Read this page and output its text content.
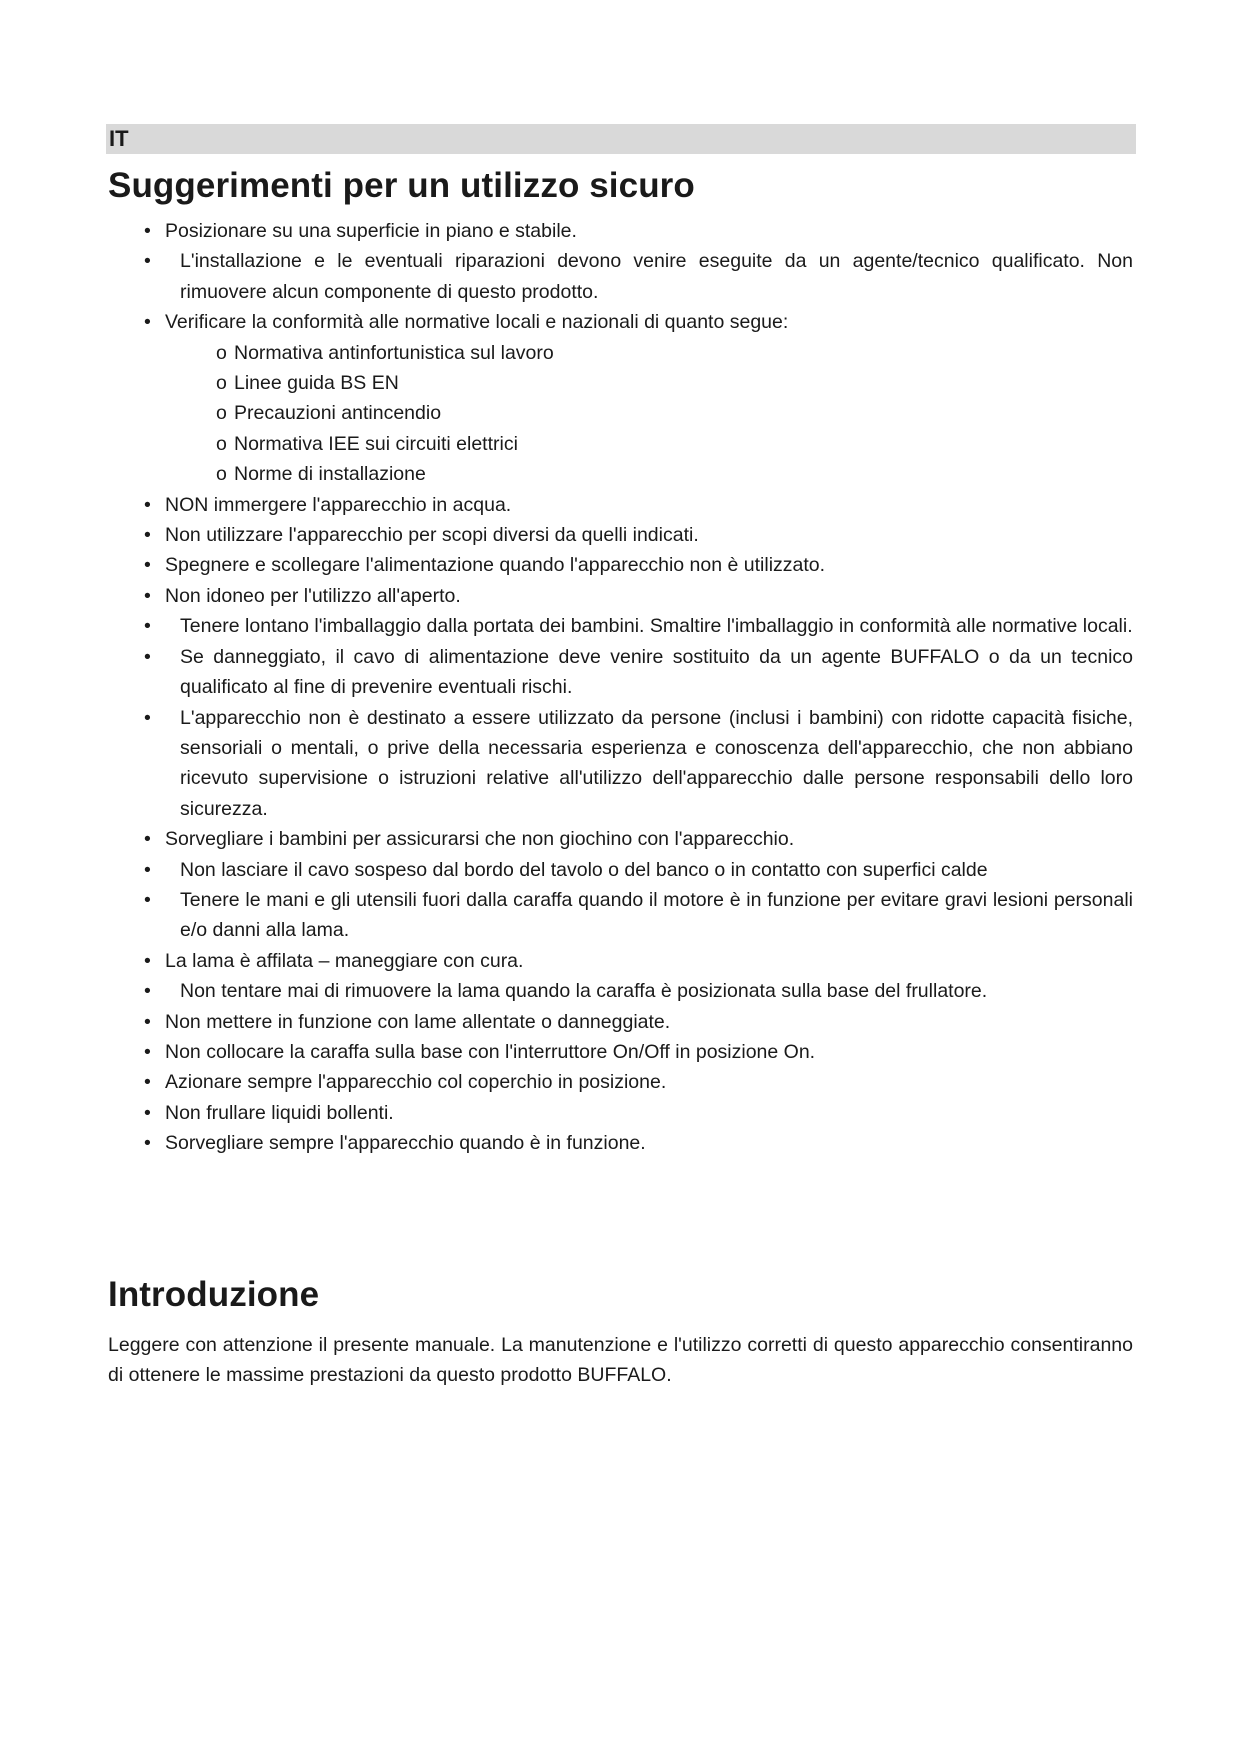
IT
Suggerimenti per un utilizzo sicuro
• Posizionare su una superficie in piano e stabile.
•	L'installazione e le eventuali riparazioni devono venire eseguite da un agente/tecnico qualificato. Non rimuovere alcun componente di questo prodotto.
• Verificare la conformità alle normative locali e nazionali di quanto segue:
o Normativa antinfortunistica sul lavoro
o Linee guida BS EN
o Precauzioni antincendio
o Normativa IEE sui circuiti elettrici
o Norme di installazione
• NON immergere l'apparecchio in acqua.
• Non utilizzare l'apparecchio per scopi diversi da quelli indicati.
• Spegnere e scollegare l'alimentazione quando l'apparecchio non è utilizzato.
• Non idoneo per l'utilizzo all'aperto.
•	Tenere lontano l'imballaggio dalla portata dei bambini. Smaltire l'imballaggio in conformità alle normative locali.
•	Se danneggiato, il cavo di alimentazione deve venire sostituito da un agente BUFFALO o da un tecnico qualificato al fine di prevenire eventuali rischi.
•	L'apparecchio non è destinato a essere utilizzato da persone (inclusi i bambini) con ridotte capacità fisiche, sensoriali o mentali, o prive della necessaria esperienza e conoscenza dell'apparecchio, che non abbiano ricevuto supervisione o istruzioni relative all'utilizzo dell'apparecchio dalle persone responsabili dello loro sicurezza.
• Sorvegliare i bambini per assicurarsi che non giochino con l'apparecchio.
•	Non lasciare il cavo sospeso dal bordo del tavolo o del banco o in contatto con superfici calde
•	Tenere le mani e gli utensili fuori dalla caraffa quando il motore è in funzione per evitare gravi lesioni personali e/o danni alla lama.
• La lama è affilata – maneggiare con cura.
•	Non tentare mai di rimuovere la lama quando la caraffa è posizionata sulla base del frullatore.
• Non mettere in funzione con lame allentate o danneggiate.
• Non collocare la caraffa sulla base con l'interruttore On/Off in posizione On.
• Azionare sempre l'apparecchio col coperchio in posizione.
• Non frullare liquidi bollenti.
• Sorvegliare sempre l'apparecchio quando è in funzione.
Introduzione

Leggere con attenzione il presente manuale. La manutenzione e l'utilizzo corretti di questo apparecchio consentiranno di ottenere le massime prestazioni da questo prodotto BUFFALO.
